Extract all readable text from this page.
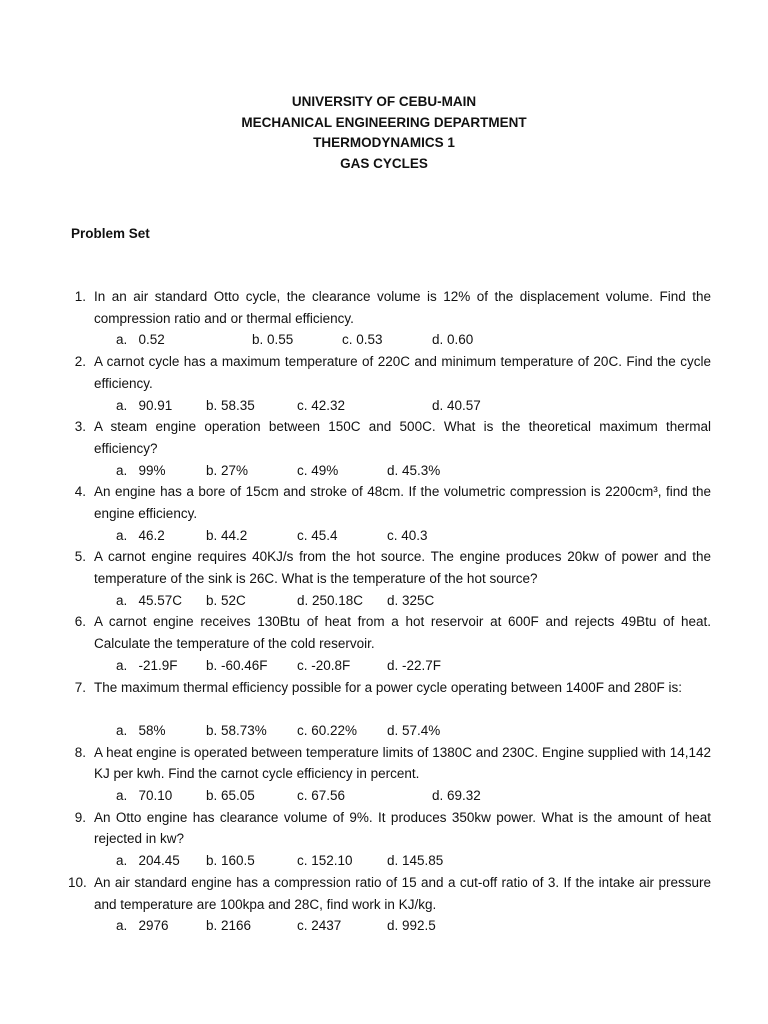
UNIVERSITY OF CEBU-MAIN
MECHANICAL ENGINEERING DEPARTMENT
THERMODYNAMICS 1
GAS CYCLES
Problem Set
1. In an air standard Otto cycle, the clearance volume is 12% of the displacement volume. Find the compression ratio and or thermal efficiency.
a.   0.52	b. 0.55	c. 0.53	d. 0.60
2. A carnot cycle has a maximum temperature of 220C and minimum temperature of 20C. Find the cycle efficiency.
a.   90.91 b. 58.35	c. 42.32	d. 40.57
3. A steam engine operation between 150C and 500C. What is the theoretical maximum thermal efficiency?
a.   99%	b. 27%	c. 49%	d. 45.3%
4. An engine has a bore of 15cm and stroke of 48cm. If the volumetric compression is 2200cm³, find the engine efficiency.
a.   46.2	b. 44.2	c. 45.4	c. 40.3
5. A carnot engine requires 40KJ/s from the hot source. The engine produces 20kw of power and the temperature of the sink is 26C. What is the temperature of the hot source?
a.   45.57C b. 52C	d. 250.18C d. 325C
6. A carnot engine receives 130Btu of heat from a hot reservoir at 600F and rejects 49Btu of heat. Calculate the temperature of the cold reservoir.
a.   -21.9F b. -60.46F c. -20.8F	d. -22.7F
7. The maximum thermal efficiency possible for a power cycle operating between 1400F and 280F is:
a.   58%	b. 58.73% c. 60.22% d. 57.4%
8. A heat engine is operated between temperature limits of 1380C and 230C. Engine supplied with 14,142 KJ per kwh. Find the carnot cycle efficiency in percent.
a.   70.10 b. 65.05	c. 67.56	d. 69.32
9. An Otto engine has clearance volume of 9%. It produces 350kw power. What is the amount of heat rejected in kw?
a.   204.45 b. 160.5	c. 152.10	d. 145.85
10. An air standard engine has a compression ratio of 15 and a cut-off ratio of 3. If the intake air pressure and temperature are 100kpa and 28C, find work in KJ/kg.
a.   2976	b. 2166	c. 2437	d. 992.5
